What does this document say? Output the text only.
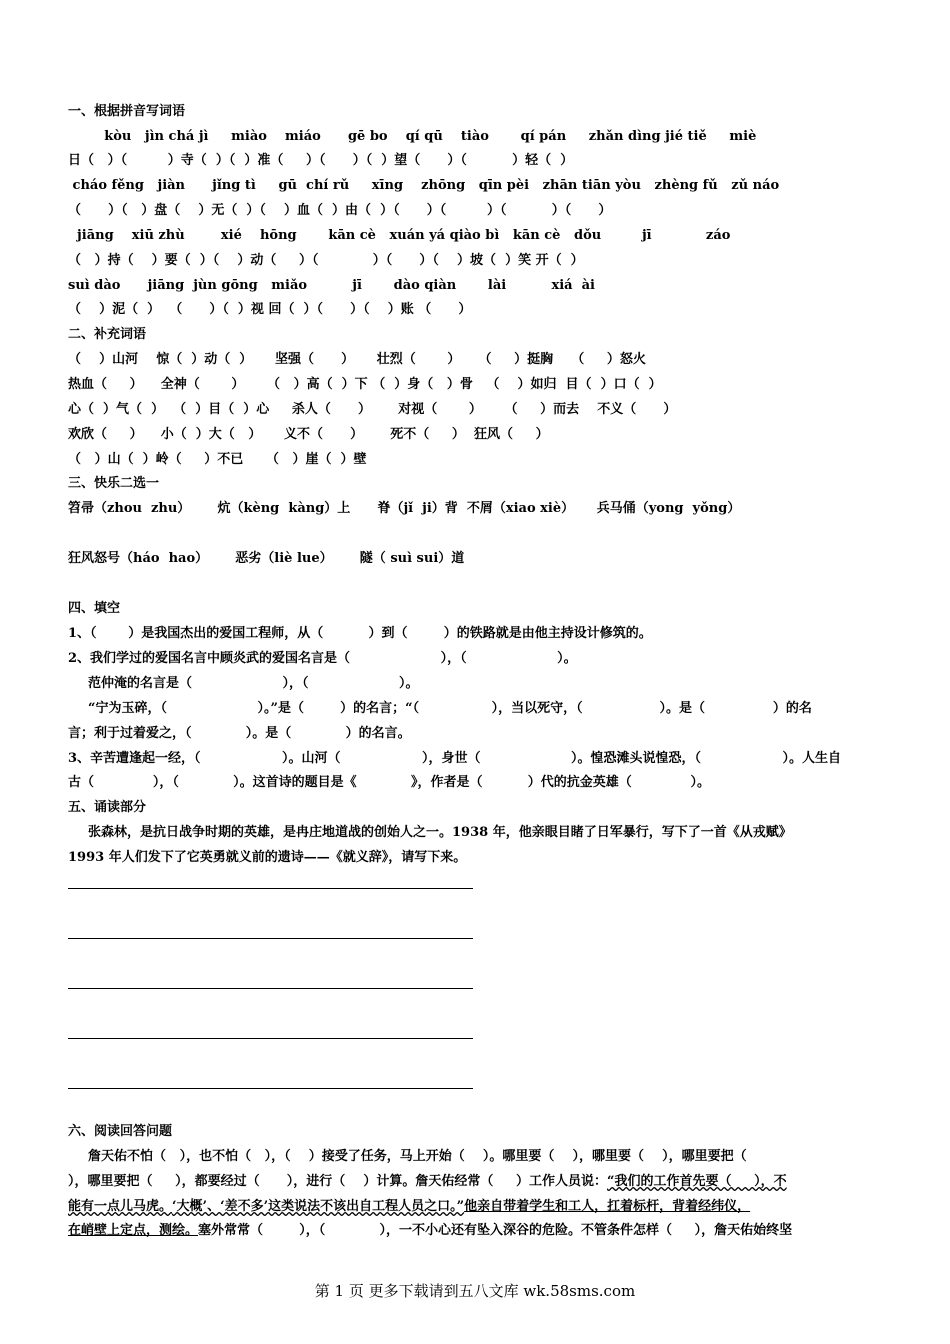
一、根据拼音写词语
kòu   jìn chá jì     miào    miáo      gē bo    qí qū    tiào       qí pán     zhǎn dìng jié tiě     miè
日（   ）（         ）寺（  ）（  ）准（     ）（      ）（  ）望（      ）（          ）轻（  ）
cháo fěng   jiàn      jǐng tì     gū  chí rǔ     xīng    zhōng   qīn pèi   zhān tiān yòu   zhèng fǔ   zǔ náo
（      ）（   ）盘（    ）无（  ）（    ）血（  ）由（  ）（      ）（         ）（          ）（      ）
jiāng    xiū zhù        xié    hōng       kān cè   xuán yá qiào bì   kān cè   dǒu         jī            záo
（   ）持（    ）要（  ）（    ）动（     ）（            ）（      ）（    ）坡（  ）笑 开（  ）
suì dào      jiāng  jùn gōng   miǎo          jī       dào qiàn       lài          xiá  ài
（    ）泥（  ）  （      ）（  ）视 回（  ）（      ）（    ）账 （      ）
二、补充词语
（    ）山河    惊（  ）动（  ）     坚强（      ）     壮烈（       ）    （     ）挺胸    （     ）怒火
热血（     ）    全神（       ）     （   ）高（  ）下 （  ）身（   ）骨   （    ）如归  目（  ）口（  ）
心（  ）气（  ）  （  ）目（  ）心     杀人（      ）      对视（       ）     （     ）而去    不义（      ）
欢欣（     ）    小（  ）大（   ）     义不（      ）      死不（     ）  狂风（     ）
（   ）山（  ）岭（     ）不已     （   ）崖（  ）壁
三、快乐二选一
笤帚（zhou  zhu）      炕（kèng  kàng）上      脊（jǐ  ji）背  不屑（xiao xiè）     兵马俑（yong  yǒng）
狂风怒号（háo  hao）      恶劣（liè lue）      隧（ suì sui）道
四、填空
1、（       ）是我国杰出的爱国工程师，从（          ）到（        ）的铁路就是由他主持设计修筑的。
2、我们学过的爱国名言中顾炎武的爱国名言是（                    ），（                    ）。
范仲淹的名言是（                    ），（                    ）。
“宁为玉碎，（                    ）。”是（        ）的名言；“（                ），当以死守，（                 ）。是（               ）的名
言；利于过着爱之，（            ）。是（            ）的名言。
3、辛苦遭逢起一经，（                  ）。山河（                  ），身世（                    ）。惶恐滩头说惶恐，（                  ）。人生自
古（             ），（            ）。这首诗的题目是《            》，作者是（          ）代的抗金英雄（             ）。
五、诵读部分
张森林，是抗日战争时期的英雄，是冉庄地道战的创始人之一。1938 年，他亲眼目睹了日军暴行，写下了一首《从戎赋》
1993 年人们发下了它英勇就义前的遗诗——《就义辞》，请写下来。
六、阅读回答问题
詹天佑不怕（   ），也不怕（   ），（    ）接受了任务，马上开始（    ）。哪里要（    ），哪里要（    ），哪里要把（
），哪里要把（     ），都要经过（      ），进行（    ）计算。詹天佑经常（     ）工作人员说：“我们的工作首先要（     ），不
能有一点儿马虎。‘大概’、‘差不多’这类说法不该出自工程人员之口。”他亲自带着学生和工人，扛着标杆，背着经纬仪，
在峭壁上定点，测绘。塞外常常（        ），（            ），一不小心还有坠入深谷的危险。不管条件怎样（     ），詹天佑始终坚
第 1 页 更多下载请到五八文库 wk.58sms.com
